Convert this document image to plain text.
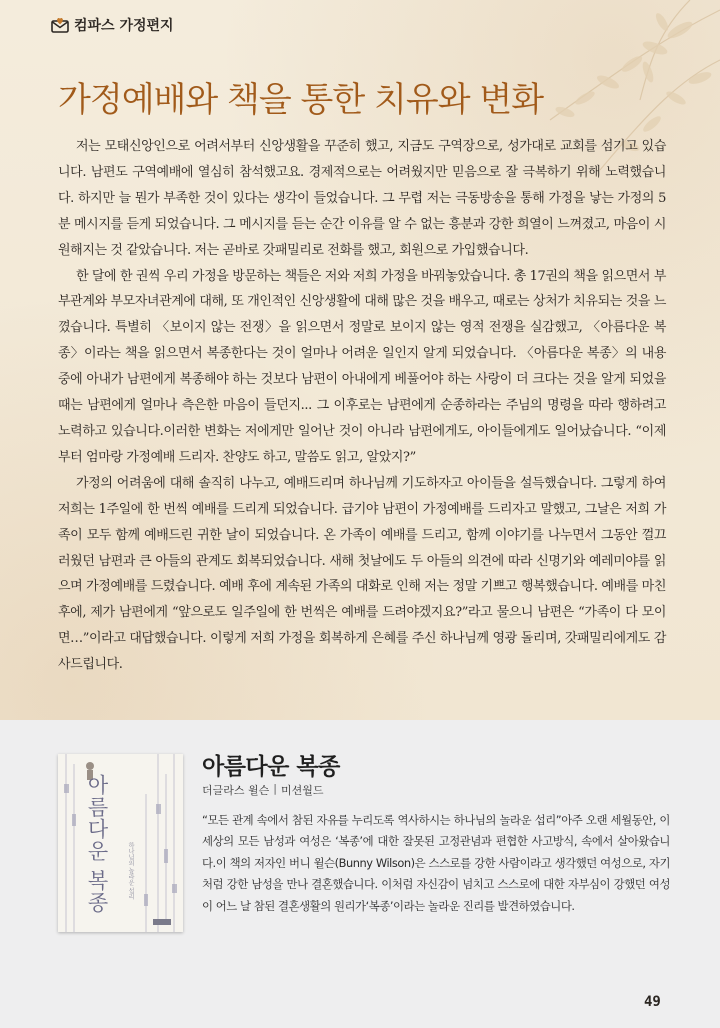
컴파스 가정편지
가정예배와 책을 통한 치유와 변화

저는 모태신앙인으로 어려서부터 신앙생활을 꾸준히 했고, 지금도 구역장으로, 성가대로 교회를 섬기고 있습니다. 남편도 구역예배에 열심히 참석했고요. 경제적으로는 어려웠지만 믿음으로 잘 극복하기 위해 노력했습니다. 하지만 늘 뭔가 부족한 것이 있다는 생각이 들었습니다. 그 무렵 저는 극동방송을 통해 가정을 낳는 가정의 5분 메시지를 듣게 되었습니다. 그 메시지를 듣는 순간 이유를 알 수 없는 흥분과 강한 희열이 느껴졌고, 마음이 시원해지는 것 같았습니다. 저는 곧바로 갓패밀리로 전화를 했고, 회원으로 가입했습니다.

한 달에 한 권씩 우리 가정을 방문하는 책들은 저와 저희 가정을 바꿔놓았습니다. 총 17권의 책을 읽으면서 부부관계와 부모자녀관계에 대해, 또 개인적인 신앙생활에 대해 많은 것을 배우고, 때로는 상처가 치유되는 것을 느꼈습니다. 특별히 〈보이지 않는 전쟁〉을 읽으면서 정말로 보이지 않는 영적 전쟁을 실감했고, 〈아름다운 복종〉이라는 책을 읽으면서 복종한다는 것이 얼마나 어려운 일인지 알게 되었습니다. 〈아름다운 복종〉의 내용 중에 아내가 남편에게 복종해야 하는 것보다 남편이 아내에게 베풀어야 하는 사랑이 더 크다는 것을 알게 되었을 때는 남편에게 얼마나 측은한 마음이 들던지... 그 이후로는 남편에게 순종하라는 주님의 명령을 따라 행하려고 노력하고 있습니다.이러한 변화는 저에게만 일어난 것이 아니라 남편에게도, 아이들에게도 일어났습니다. “이제부터 엄마랑 가정예배 드리자. 찬양도 하고, 말씀도 읽고, 알았지?”

가정의 어려움에 대해 솔직히 나누고, 예배드리며 하나님께 기도하자고 아이들을 설득했습니다. 그렇게 하여 저희는 1주일에 한 번씩 예배를 드리게 되었습니다. 급기야 남편이 가정예배를 드리자고 말했고, 그날은 저희 가족이 모두 함께 예배드린 귀한 날이 되었습니다. 온 가족이 예배를 드리고, 함께 이야기를 나누면서 그동안 껄끄러웠던 남편과 큰 아들의 관계도 회복되었습니다. 새해 첫날에도 두 아들의 의견에 따라 신명기와 예레미야를 읽으며 가정예배를 드렸습니다. 예배 후에 계속된 가족의 대화로 인해 저는 정말 기쁘고 행복했습니다. 예배를 마친 후에, 제가 남편에게 “앞으로도 일주일에 한 번씩은 예배를 드려야겠지요?”라고 물으니 남편은 “가족이 다 모이면…”이라고 대답했습니다. 이렇게 저희 가정을 회복하게 은혜를 주신 하나님께 영광 돌리며, 갓패밀리에게도 감사드립니다.

아름다운 복종	하나님의 놀라운 섭리
아름다운 복종
더글라스 윌슨 | 미션월드

“모든 관계 속에서 참된 자유를 누리도록 역사하시는 하나님의 놀라운 섭리”아주 오랜 세월동안, 이 세상의 모든 남성과 여성은 ‘복종’에 대한 잘못된 고정관념과 편협한 사고방식, 속에서 살아왔습니다.이 책의 저자인 버니 윌슨(Bunny Wilson)은 스스로를 강한 사람이라고 생각했던 여성으로, 자기처럼 강한 남성을 만나 결혼했습니다. 이처럼 자신감이 넘치고 스스로에 대한 자부심이 강했던 여성이 어느 날 참된 결혼생활의 원리가‘복종’이라는 놀라운 진리를 발견하였습니다.

49
